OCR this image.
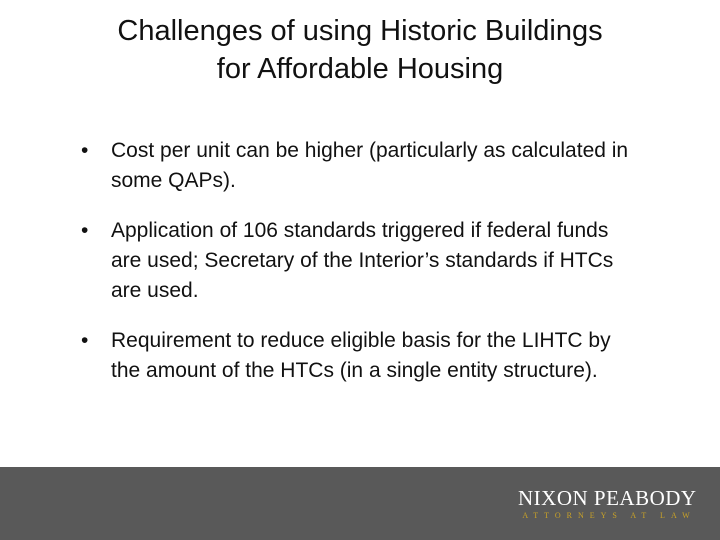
Challenges of using Historic Buildings
for Affordable Housing
• Cost per unit can be higher (particularly as calculated in some QAPs).
• Application of 106 standards triggered if federal funds are used; Secretary of the Interior’s standards if HTCs are used.
• Requirement to reduce eligible basis for the LIHTC by the amount of the HTCs (in a single entity structure).
NIXON PEABODY
ATTORNEYS AT LAW
